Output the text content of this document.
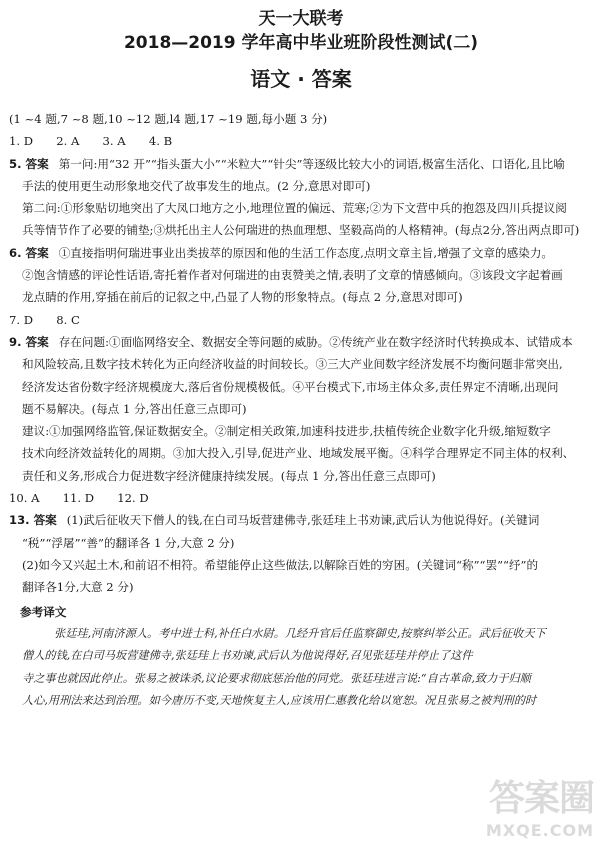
天一大联考
2018—2019 学年高中毕业班阶段性测试(二)
语文 · 答案

(1 ~4 题,7 ~8 题,10 ~12 题,l4 题,17 ~19 题,每小题 3 分)

1. D　　2. A　　3. A　　4. B

5. 答案 第一问:用“32 开”“指头蛋大小”“米粒大”“针尖”等逐级比较大小的词语,极富生活化、口语化,且比喻

手法的使用更生动形象地交代了故事发生的地点。(2 分,意思对即可)

第二问:①形象贴切地突出了大凤口地方之小,地理位置的偏远、荒寒;②为下文营中兵的抱怨及四川兵提议阅

兵等情节作了必要的铺垫;③烘托出主人公何瑞进的热血理想、坚毅高尚的人格精神。(每点2分,答出两点即可)

6. 答案 ①直接指明何瑞进事业出类拔萃的原因和他的生活工作态度,点明文章主旨,增强了文章的感染力。

②饱含情感的评论性话语,寄托着作者对何瑞进的由衷赞美之情,表明了文章的情感倾向。③该段文字起着画

龙点睛的作用,穿插在前后的记叙之中,凸显了人物的形象特点。(每点 2 分,意思对即可)

7. D　　8. C

9. 答案 存在问题:①面临网络安全、数据安全等问题的威胁。②传统产业在数字经济时代转换成本、试错成本

和风险较高,且数字技术转化为正向经济收益的时间较长。③三大产业间数字经济发展不均衡问题非常突出,

经济发达省份数字经济规模庞大,落后省份规模极低。④平台模式下,市场主体众多,责任界定不清晰,出现问

题不易解决。(每点 1 分,答出任意三点即可)

建议:①加强网络监管,保证数据安全。②制定相关政策,加速科技进步,扶植传统企业数字化升级,缩短数字

技术向经济效益转化的周期。③加大投入,引导,促进产业、地域发展平衡。④科学合理界定不同主体的权利、

责任和义务,形成合力促进数字经济健康持续发展。(每点 1 分,答出任意三点即可)

10. A　　11. D　　12. D

13. 答案 (1)武后征收天下僧人的钱,在白司马坂营建佛寺,张廷珪上书劝谏,武后认为他说得好。(关键词

“税”“浮屠”“善”的翻译各 1 分,大意 2 分)

(2)如今又兴起土木,和前诏不相符。希望能停止这些做法,以解除百姓的穷困。(关键词“称”“罢”“纾”的

翻译各1分,大意 2 分)

参考译文

张廷珪,河南济源人。考中进士科,补任白水尉。几经升官后任监察御史,按察纠举公正。武后征收天下

僧人的钱,在白司马坂营建佛寺,张廷珪上书劝谏,武后认为他说得好,召见张廷珪并停止了这件

寺之事也就因此停止。张易之被诛杀,议论要求彻底惩治他的同党。张廷珪进言说:“自古革命,致力于归顺

人心,用刑法来达到治理。如今唐历不变,天地恢复主人,应该用仁惠教化给以宽恕。况且张易之被判刑的时

答案圈
MXQE.COM
